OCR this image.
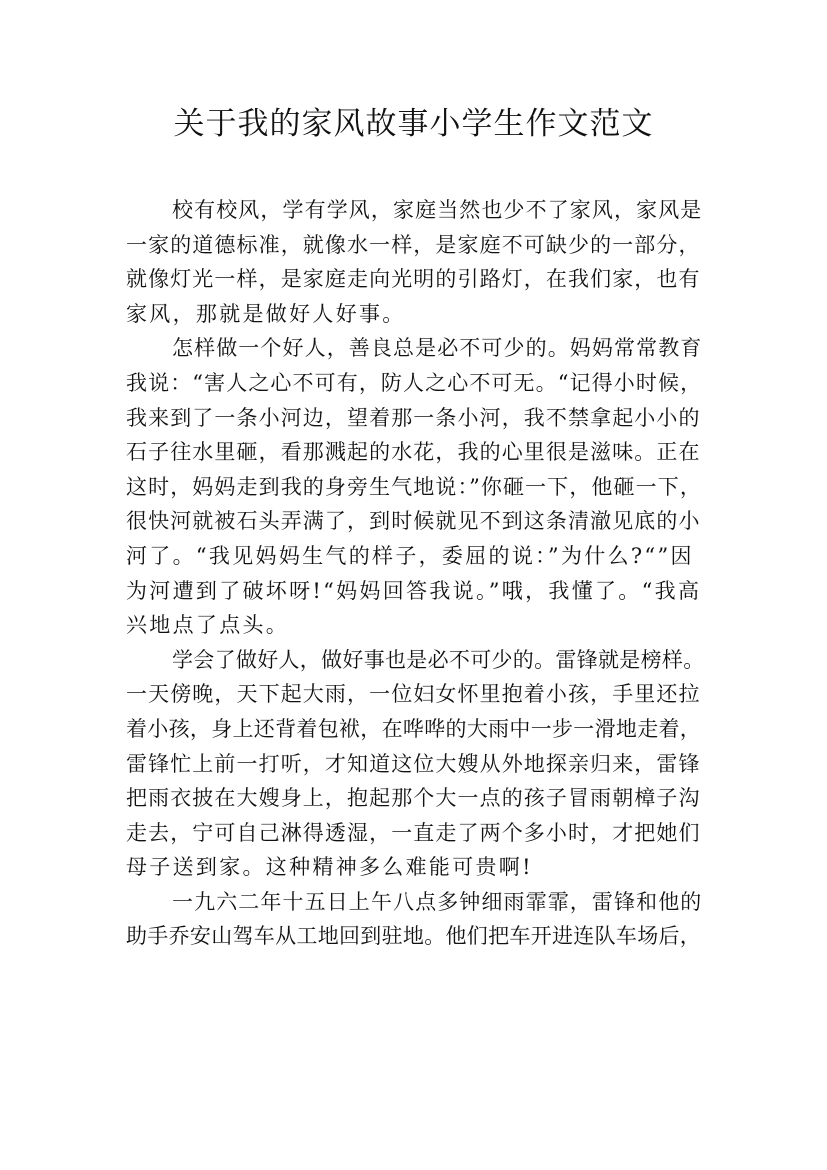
关于我的家风故事小学生作文范文
校有校风，学有学风，家庭当然也少不了家风，家风是
一家的道德标准，就像水一样，是家庭不可缺少的一部分，
就像灯光一样，是家庭走向光明的引路灯，在我们家，也有
家风，那就是做好人好事。
怎样做一个好人，善良总是必不可少的。妈妈常常教育
我说：“害人之心不可有，防人之心不可无。“记得小时候，
我来到了一条小河边，望着那一条小河，我不禁拿起小小的
石子往水里砸，看那溅起的水花，我的心里很是滋味。正在
这时，妈妈走到我的身旁生气地说：”你砸一下，他砸一下，
很快河就被石头弄满了，到时候就见不到这条清澈见底的小
河了。“我见妈妈生气的样子，委屈的说：”为什么?“”因
为河遭到了破坏呀!“妈妈回答我说。”哦，我懂了。“我高
兴地点了点头。
学会了做好人，做好事也是必不可少的。雷锋就是榜样。
一天傍晚，天下起大雨，一位妇女怀里抱着小孩，手里还拉
着小孩，身上还背着包袱，在哗哗的大雨中一步一滑地走着，
雷锋忙上前一打听，才知道这位大嫂从外地探亲归来，雷锋
把雨衣披在大嫂身上，抱起那个大一点的孩子冒雨朝樟子沟
走去，宁可自己淋得透湿，一直走了两个多小时，才把她们
母子送到家。这种精神多么难能可贵啊!
一九六二年十五日上午八点多钟细雨霏霏，雷锋和他的
助手乔安山驾车从工地回到驻地。他们把车开进连队车场后，
